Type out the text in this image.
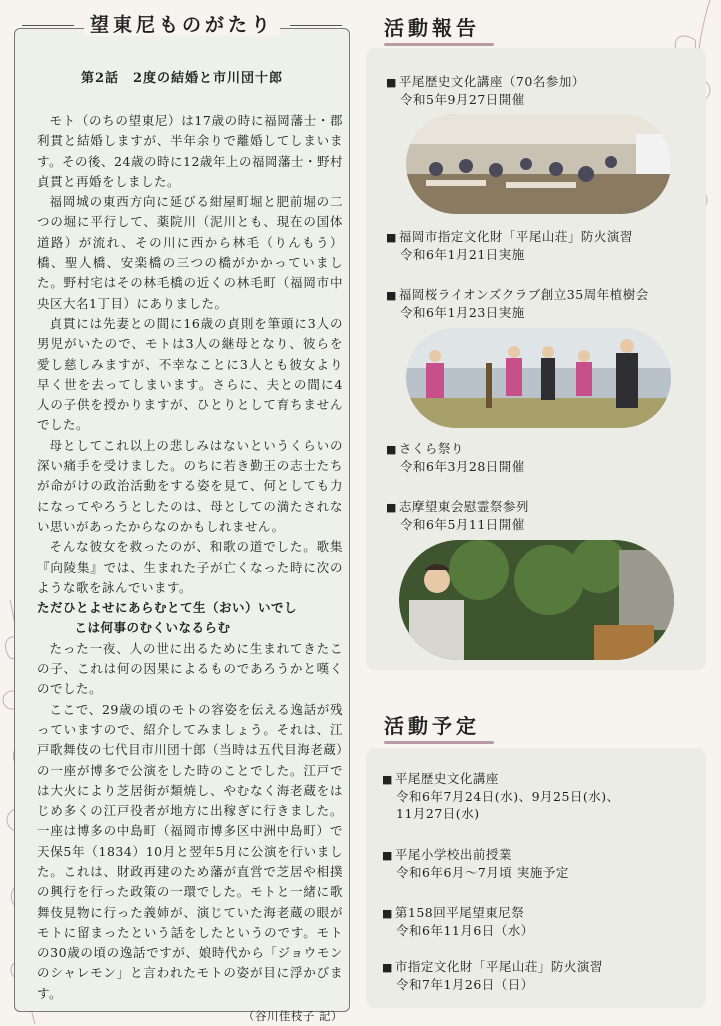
第2話　2度の結婚と市川団十郎

モト（のちの望東尼）は17歳の時に福岡藩士・郡利貫と結婚しますが、半年余りで離婚してしまいます。その後、24歳の時に12歳年上の福岡藩士・野村貞貫と再婚をしました。

福岡城の東西方向に延びる紺屋町堀と肥前堀の二つの堀に平行して、薬院川（泥川とも、現在の国体道路）が流れ、その川に西から林毛（りんもう）橋、聖人橋、安楽橋の三つの橋がかかっていました。野村宅はその林毛橋の近くの林毛町（福岡市中央区大名1丁目）にありました。

貞貫には先妻との間に16歳の貞則を筆頭に3人の男児がいたので、モトは3人の継母となり、彼らを愛し慈しみますが、不幸なことに3人とも彼女より早く世を去ってしまいます。さらに、夫との間に4人の子供を授かりますが、ひとりとして育ちませんでした。

母としてこれ以上の悲しみはないというくらいの深い痛手を受けました。のちに若き勤王の志士たちが命がけの政治活動をする姿を見て、何としても力になってやろうとしたのは、母としての満たされない思いがあったからなのかもしれません。

そんな彼女を救ったのが、和歌の道でした。歌集『向陵集』では、生まれた子が亡くなった時に次のような歌を詠んでいます。

ただひとよせにあらむとて生（おい）いでし
こは何事のむくいなるらむ

たった一夜、人の世に出るために生まれてきたこの子、これは何の因果によるものであろうかと嘆くのでした。

ここで、29歳の頃のモトの容姿を伝える逸話が残っていますので、紹介してみましょう。それは、江戸歌舞伎の七代目市川団十郎（当時は五代目海老蔵）の一座が博多で公演をした時のことでした。江戸では大火により芝居街が類焼し、やむなく海老蔵をはじめ多くの江戸役者が地方に出稼ぎに行きました。一座は博多の中島町（福岡市博多区中洲中島町）で天保5年（1834）10月と翌年5月に公演を行いました。これは、財政再建のため藩が直営で芝居や相撲の興行を行った政策の一環でした。モトと一緒に歌舞伎見物に行った義姉が、演じていた海老蔵の眼がモトに留まったという話をしたというのです。モトの30歳の頃の逸話ですが、娘時代から「ジョウモンのシャレモン」と言われたモトの姿が目に浮かびます。

（谷川佳枝子 記）

望東尼ものがたり	活動報告
■ 平尾歴史文化講座（70名参加）
令和5年9月27日開催
■ 福岡市指定文化財「平尾山荘」防火演習
令和6年1月21日実施
■ 福岡桜ライオンズクラブ創立35周年植樹会
令和6年1月23日実施
■ さくら祭り
令和6年3月28日開催
■ 志摩望東会慰霊祭参列
令和6年5月11日開催
活動予定
■ 平尾歴史文化講座
令和6年7月24日(水)、9月25日(水)、
11月27日(水)
■ 平尾小学校出前授業
令和6年6月～7月頃 実施予定
■ 第158回平尾望東尼祭
令和6年11月6日（水）
■ 市指定文化財「平尾山荘」防火演習
令和7年1月26日（日）
